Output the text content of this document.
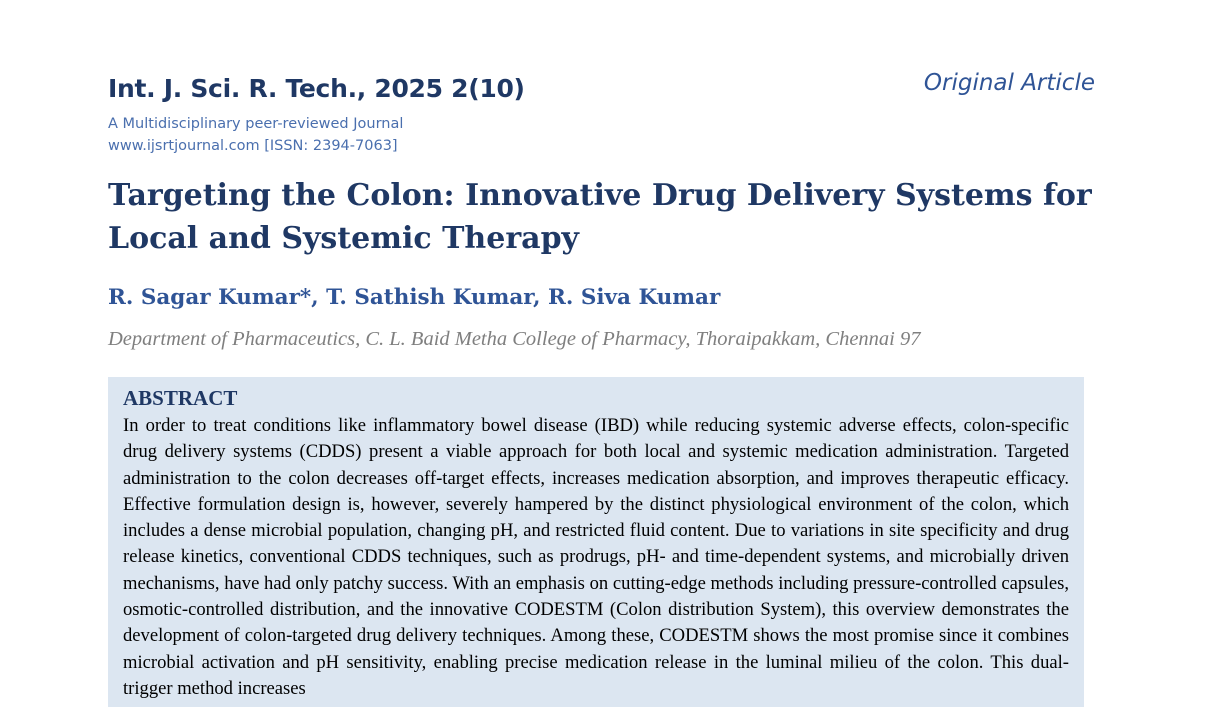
Int. J. Sci. R. Tech., 2025 2(10)	Original Article
A Multidisciplinary peer-reviewed Journal
www.ijsrtjournal.com [ISSN: 2394-7063]
Targeting the Colon: Innovative Drug Delivery Systems for Local and Systemic Therapy
R. Sagar Kumar*, T. Sathish Kumar, R. Siva Kumar
Department of Pharmaceutics, C. L. Baid Metha College of Pharmacy, Thoraipakkam, Chennai 97
ABSTRACT

In order to treat conditions like inflammatory bowel disease (IBD) while reducing systemic adverse effects, colon-specific drug delivery systems (CDDS) present a viable approach for both local and systemic medication administration. Targeted administration to the colon decreases off-target effects, increases medication absorption, and improves therapeutic efficacy. Effective formulation design is, however, severely hampered by the distinct physiological environment of the colon, which includes a dense microbial population, changing pH, and restricted fluid content. Due to variations in site specificity and drug release kinetics, conventional CDDS techniques, such as prodrugs, pH- and time-dependent systems, and microbially driven mechanisms, have had only patchy success. With an emphasis on cutting-edge methods including pressure-controlled capsules, osmotic-controlled distribution, and the innovative CODESTM (Colon distribution System), this overview demonstrates the development of colon-targeted drug delivery techniques. Among these, CODESTM shows the most promise since it combines microbial activation and pH sensitivity, enabling precise medication release in the luminal milieu of the colon. This dual-trigger method increases
